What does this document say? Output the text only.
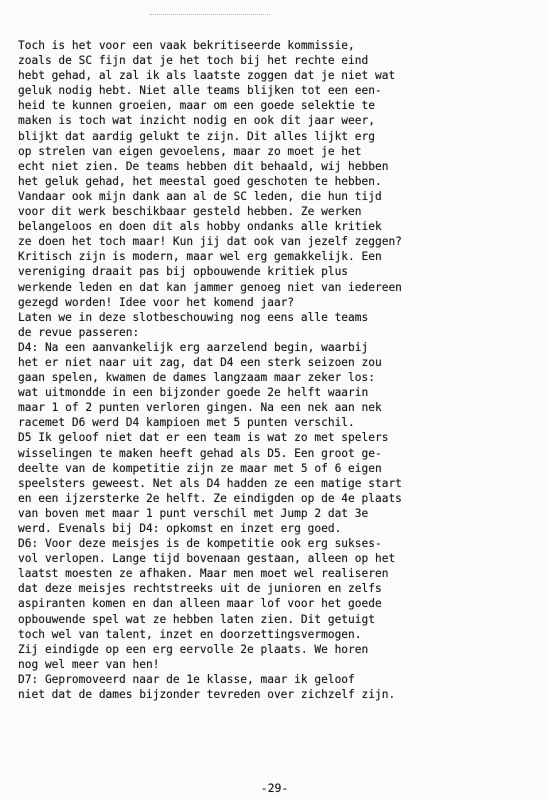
Toch is het voor een vaak bekritiseerde kommissie,
zoals de SC fijn dat je het toch bij het rechte eind
hebt gehad, al zal ik als laatste zoggen dat je niet wat
geluk nodig hebt. Niet alle teams blijken tot een een-
heid te kunnen groeien, maar om een goede selektie te
maken is toch wat inzicht nodig en ook dit jaar weer,
blijkt dat aardig gelukt te zijn. Dit alles lijkt erg
op strelen van eigen gevoelens, maar zo moet je het
echt niet zien. De teams hebben dit behaald, wij hebben
het geluk gehad, het meestal goed geschoten te hebben.
Vandaar ook mijn dank aan al de SC leden, die hun tijd
voor dit werk beschikbaar gesteld hebben. Ze werken
belangeloos en doen dit als hobby ondanks alle kritiek
ze doen het toch maar! Kun jij dat ook van jezelf zeggen?
Kritisch zijn is modern, maar wel erg gemakkelijk. Een
vereniging draait pas bij opbouwende kritiek plus
werkende leden en dat kan jammer genoeg niet van iedereen
gezegd worden! Idee voor het komend jaar?
Laten we in deze slotbeschouwing nog eens alle teams
de revue passeren:
D4: Na een aanvankelijk erg aarzelend begin, waarbij
het er niet naar uit zag, dat D4 een sterk seizoen zou
gaan spelen, kwamen de dames langzaam maar zeker los:
wat uitmondde in een bijzonder goede 2e helft waarin
maar 1 of 2 punten verloren gingen. Na een nek aan nek
racemet D6 werd D4 kampioen met 5 punten verschil.
D5 Ik geloof niet dat er een team is wat zo met spelers
wisselingen te maken heeft gehad als D5. Een groot ge-
deelte van de kompetitie zijn ze maar met 5 of 6 eigen
speelsters geweest. Net als D4 hadden ze een matige start
en een ijzersterke 2e helft. Ze eindigden op de 4e plaats
van boven met maar 1 punt verschil met Jump 2 dat 3e
werd. Evenals bij D4: opkomst en inzet erg goed.
D6: Voor deze meisjes is de kompetitie ook erg sukses-
vol verlopen. Lange tijd bovenaan gestaan, alleen op het
laatst moesten ze afhaken. Maar men moet wel realiseren
dat deze meisjes rechtstreeks uit de junioren en zelfs
aspiranten komen en dan alleen maar lof voor het goede
opbouwende spel wat ze hebben laten zien. Dit getuigt
toch wel van talent, inzet en doorzettingsvermogen.
Zij eindigde op een erg eervolle 2e plaats. We horen
nog wel meer van hen!
D7: Gepromoveerd naar de 1e klasse, maar ik geloof
niet dat de dames bijzonder tevreden over zichzelf zijn.
-29-
